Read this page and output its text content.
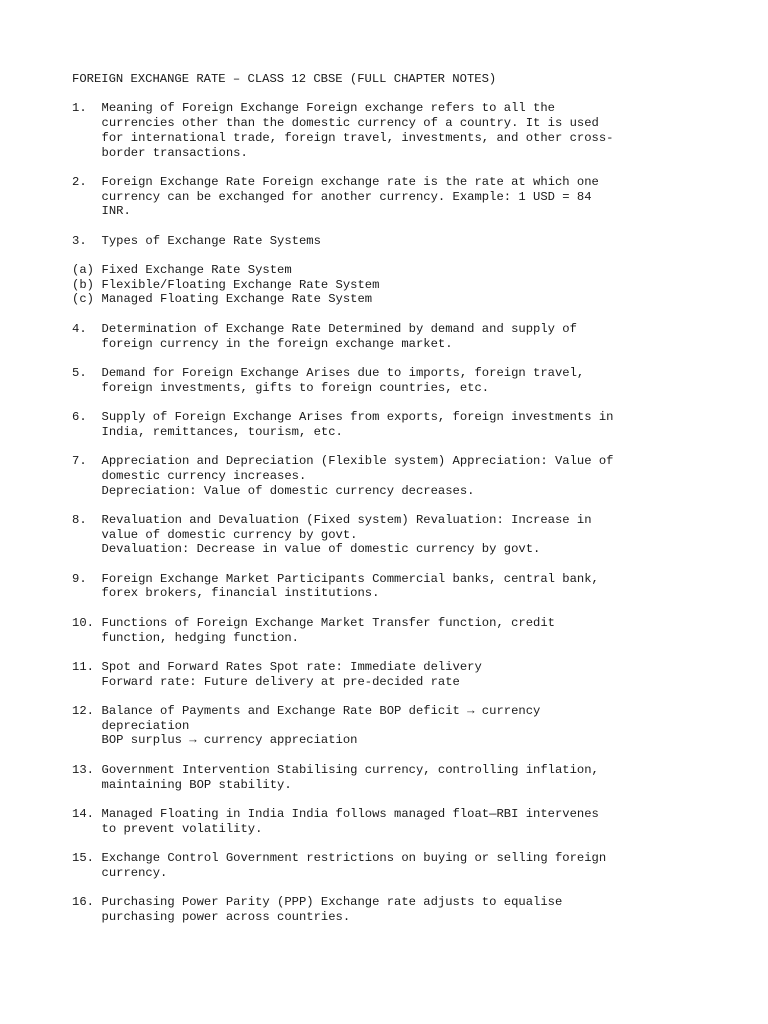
FOREIGN EXCHANGE RATE – CLASS 12 CBSE (FULL CHAPTER NOTES)
1.	Meaning of Foreign Exchange Foreign exchange refers to all the currencies other than the domestic currency of a country. It is used for international trade, foreign travel, investments, and other cross-border transactions.
2.	Foreign Exchange Rate Foreign exchange rate is the rate at which one currency can be exchanged for another currency. Example: 1 USD = 84 INR.
3.	Types of Exchange Rate Systems
(a) Fixed Exchange Rate System
(b) Flexible/Floating Exchange Rate System
(c) Managed Floating Exchange Rate System
4.	Determination of Exchange Rate Determined by demand and supply of foreign currency in the foreign exchange market.
5.	Demand for Foreign Exchange Arises due to imports, foreign travel, foreign investments, gifts to foreign countries, etc.
6.	Supply of Foreign Exchange Arises from exports, foreign investments in India, remittances, tourism, etc.
7.	Appreciation and Depreciation (Flexible system) Appreciation: Value of domestic currency increases.
Depreciation: Value of domestic currency decreases.
8.	Revaluation and Devaluation (Fixed system) Revaluation: Increase in value of domestic currency by govt.
Devaluation: Decrease in value of domestic currency by govt.
9.	Foreign Exchange Market Participants Commercial banks, central bank, forex brokers, financial institutions.
10. Functions of Foreign Exchange Market Transfer function, credit function, hedging function.
11. Spot and Forward Rates Spot rate: Immediate delivery
Forward rate: Future delivery at pre-decided rate
12. Balance of Payments and Exchange Rate BOP deficit → currency depreciation
BOP surplus → currency appreciation
13. Government Intervention Stabilising currency, controlling inflation, maintaining BOP stability.
14. Managed Floating in India India follows managed float—RBI intervenes to prevent volatility.
15. Exchange Control Government restrictions on buying or selling foreign currency.
16. Purchasing Power Parity (PPP) Exchange rate adjusts to equalise purchasing power across countries.
